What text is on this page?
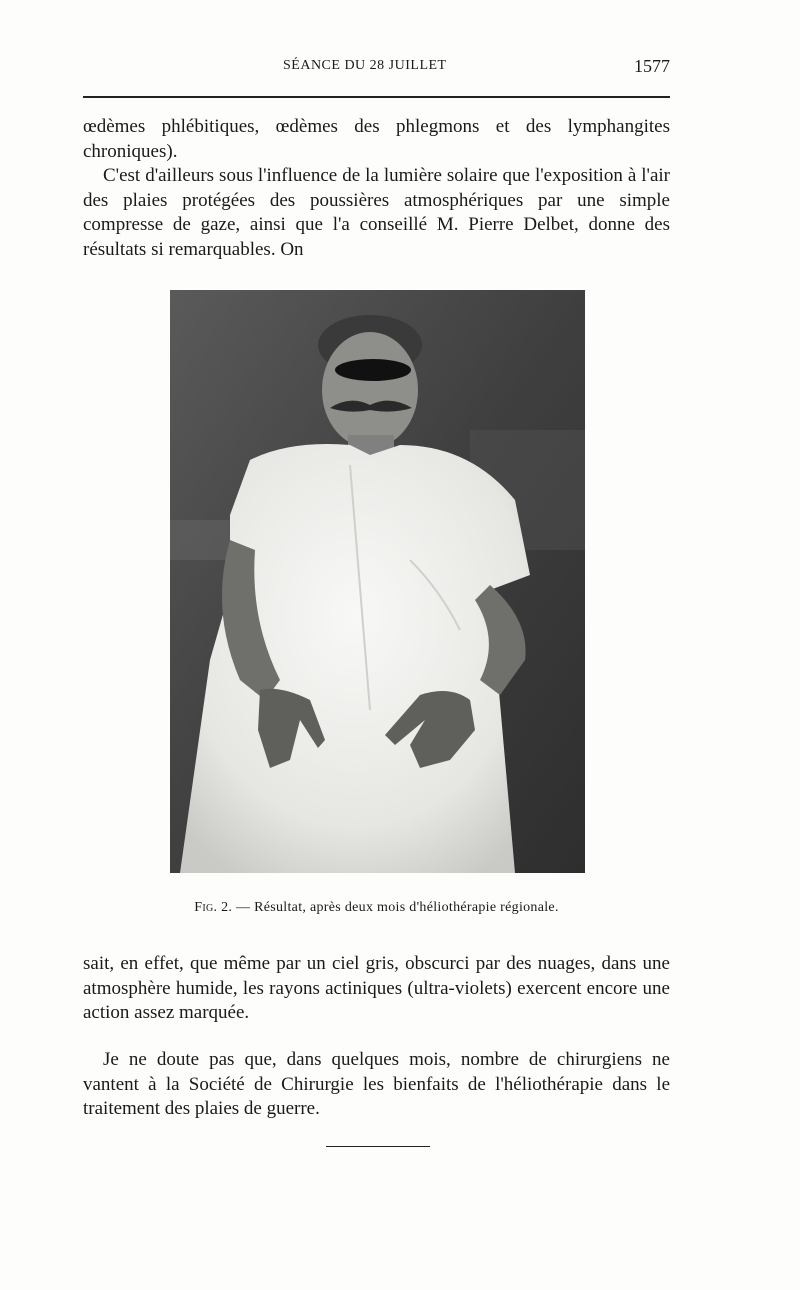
SÉANCE DU 28 JUILLET	1577

œdèmes phlébitiques, œdèmes des phlegmons et des lymphangites chroniques).

C'est d'ailleurs sous l'influence de la lumière solaire que l'exposition à l'air des plaies protégées des poussières atmosphériques par une simple compresse de gaze, ainsi que l'a conseillé M. Pierre Delbet, donne des résultats si remarquables. On

Fig. 2. — Résultat, après deux mois d'héliothérapie régionale.

sait, en effet, que même par un ciel gris, obscurci par des nuages, dans une atmosphère humide, les rayons actiniques (ultra-violets) exercent encore une action assez marquée.

Je ne doute pas que, dans quelques mois, nombre de chirurgiens ne vantent à la Société de Chirurgie les bienfaits de l'héliothérapie dans le traitement des plaies de guerre.
